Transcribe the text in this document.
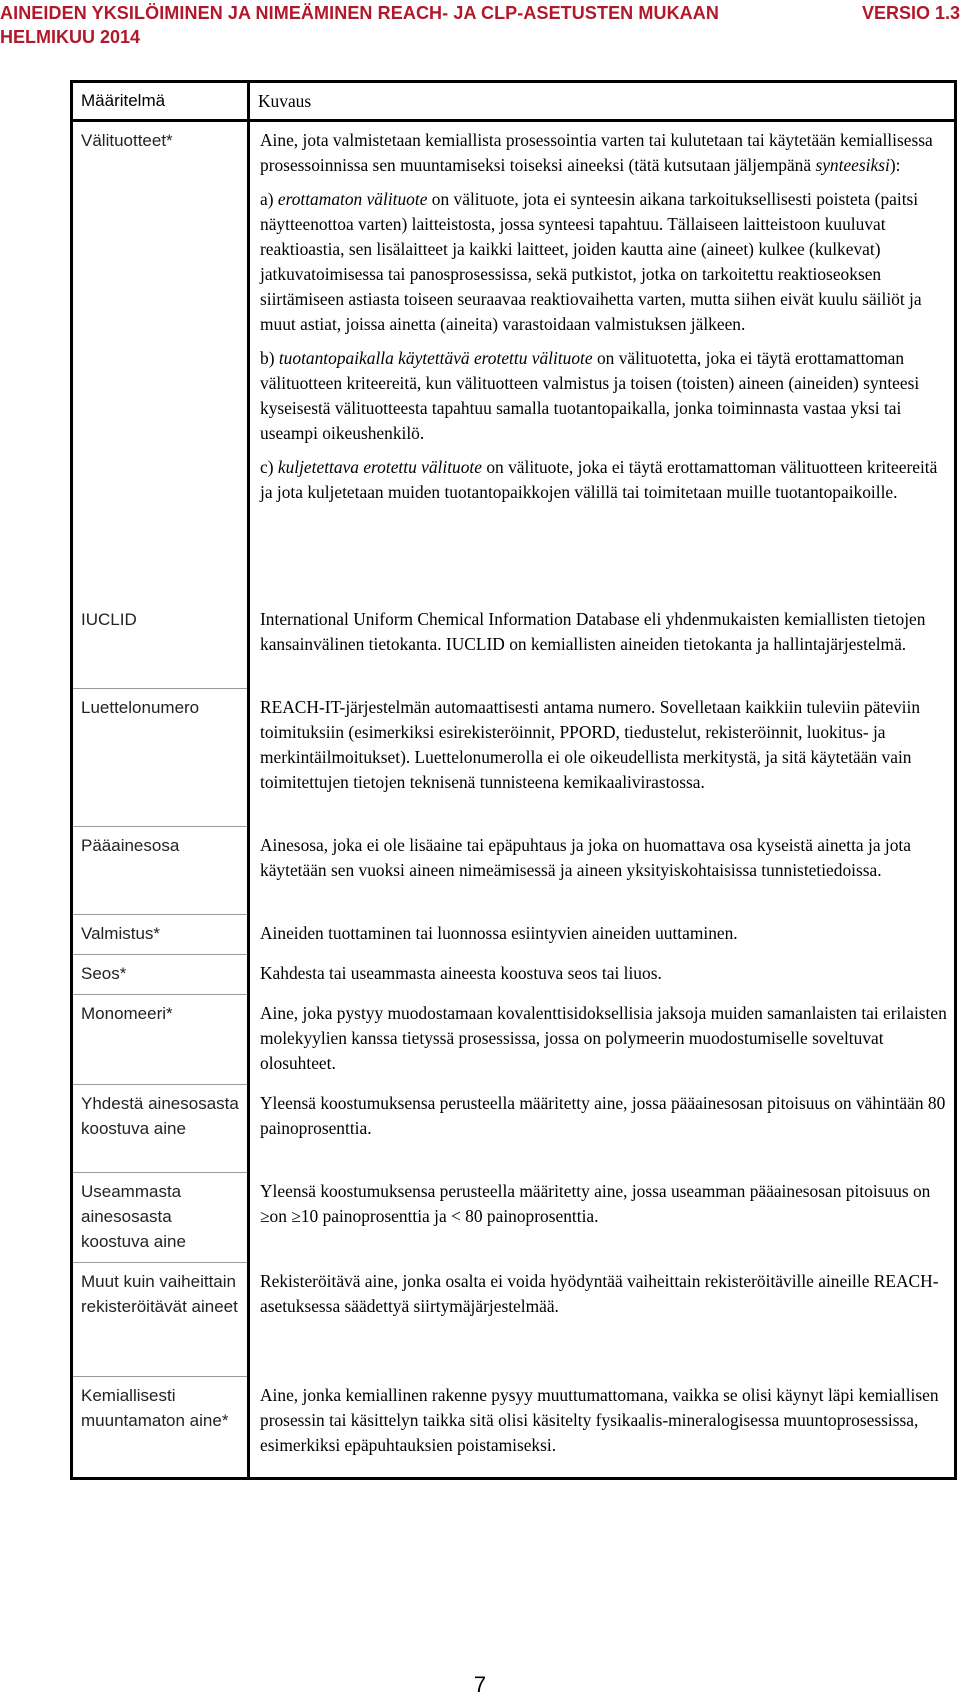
AINEIDEN YKSILÖIMINEN JA NIMEÄMINEN REACH- JA CLP-ASETUSTEN MUKAAN	VERSIO 1.3
HELMIKUU 2014
Määritelmä	Kuvaus
Välituotteet*	Aine, jota valmistetaan kemiallista prosessointia varten tai kulutetaan tai käytetään kemiallisessa prosessoinnissa sen muuntamiseksi toiseksi aineeksi (tätä kutsutaan jäljempänä synteesiksi):

a) erottamaton välituote on välituote, jota ei synteesin aikana tarkoituksellisesti poisteta (paitsi näytteenottoa varten) laitteistosta, jossa synteesi tapahtuu. Tällaiseen laitteistoon kuuluvat reaktioastia, sen lisälaitteet ja kaikki laitteet, joiden kautta aine (aineet) kulkee (kulkevat) jatkuvatoimisessa tai panosprosessissa, sekä putkistot, jotka on tarkoitettu reaktioseoksen siirtämiseen astiasta toiseen seuraavaa reaktiovaihetta varten, mutta siihen eivät kuulu säiliöt ja muut astiat, joissa ainetta (aineita) varastoidaan valmistuksen jälkeen.

b) tuotantopaikalla käytettävä erotettu välituote on välituotetta, joka ei täytä erottamattoman välituotteen kriteereitä, kun välituotteen valmistus ja toisen (toisten) aineen (aineiden) synteesi kyseisestä välituotteesta tapahtuu samalla tuotantopaikalla, jonka toiminnasta vastaa yksi tai useampi oikeushenkilö.

c) kuljetettava erotettu välituote on välituote, joka ei täytä erottamattoman välituotteen kriteereitä ja jota kuljetetaan muiden tuotantopaikkojen välillä tai toimitetaan muille tuotantopaikoille.

IUCLID	International Uniform Chemical Information Database eli yhdenmukaisten kemiallisten tietojen kansainvälinen tietokanta. IUCLID on kemiallisten aineiden tietokanta ja hallintajärjestelmä.
Luettelonumero	REACH-IT-järjestelmän automaattisesti antama numero. Sovelletaan kaikkiin tuleviin päteviin toimituksiin (esimerkiksi esirekisteröinnit, PPORD, tiedustelut, rekisteröinnit, luokitus- ja merkintäilmoitukset). Luettelonumerolla ei ole oikeudellista merkitystä, ja sitä käytetään vain toimitettujen tietojen teknisenä tunnisteena kemikaalivirastossa.
Pääainesosa	Ainesosa, joka ei ole lisäaine tai epäpuhtaus ja joka on huomattava osa kyseistä ainetta ja jota käytetään sen vuoksi aineen nimeämisessä ja aineen yksityiskohtaisissa tunnistetiedoissa.
Valmistus*	Aineiden tuottaminen tai luonnossa esiintyvien aineiden uuttaminen.
Seos*	Kahdesta tai useammasta aineesta koostuva seos tai liuos.
Monomeeri*	Aine, joka pystyy muodostamaan kovalenttisidoksellisia jaksoja muiden samanlaisten tai erilaisten molekyylien kanssa tietyssä prosessissa, jossa on polymeerin muodostumiselle soveltuvat olosuhteet.
Yhdestä ainesosasta koostuva aine	Yleensä koostumuksensa perusteella määritetty aine, jossa pääainesosan pitoisuus on vähintään 80 painoprosenttia.
Useammasta ainesosasta koostuva aine	Yleensä koostumuksensa perusteella määritetty aine, jossa useamman pääainesosan pitoisuus on ≥on ≥10 painoprosenttia ja < 80 painoprosenttia.
Muut kuin vaiheittain rekisteröitävät aineet	Rekisteröitävä aine, jonka osalta ei voida hyödyntää vaiheittain rekisteröitäville aineille REACH-asetuksessa säädettyä siirtymäjärjestelmää.
Kemiallisesti muuntamaton aine*	Aine, jonka kemiallinen rakenne pysyy muuttumattomana, vaikka se olisi käynyt läpi kemiallisen prosessin tai käsittelyn taikka sitä olisi käsitelty fysikaalis-mineralogisessa muuntoprosessissa, esimerkiksi epäpuhtauksien poistamiseksi.
7
